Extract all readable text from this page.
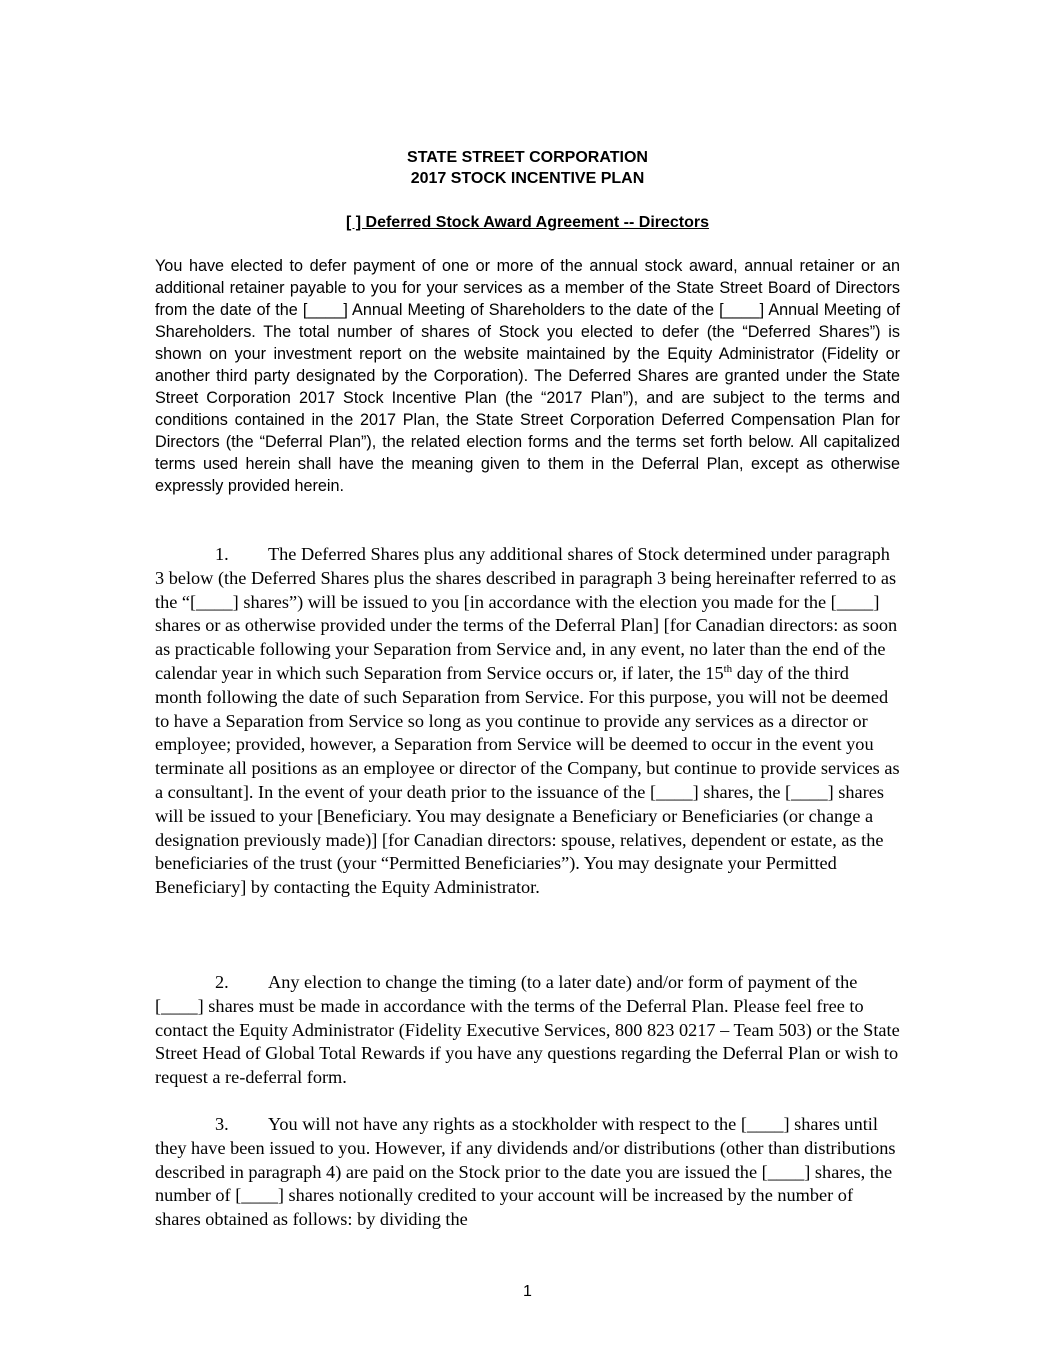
STATE STREET CORPORATION
2017 STOCK INCENTIVE PLAN
[ ] Deferred Stock Award Agreement -- Directors

You have elected to defer payment of one or more of the annual stock award, annual retainer or an additional retainer payable to you for your services as a member of the State Street Board of Directors from the date of the [____] Annual Meeting of Shareholders to the date of the [____] Annual Meeting of Shareholders. The total number of shares of Stock you elected to defer (the “Deferred Shares”) is shown on your investment report on the website maintained by the Equity Administrator (Fidelity or another third party designated by the Corporation). The Deferred Shares are granted under the State Street Corporation 2017 Stock Incentive Plan (the “2017 Plan”), and are subject to the terms and conditions contained in the 2017 Plan, the State Street Corporation Deferred Compensation Plan for Directors (the “Deferral Plan”), the related election forms and the terms set forth below. All capitalized terms used herein shall have the meaning given to them in the Deferral Plan, except as otherwise expressly provided herein.

1. The Deferred Shares plus any additional shares of Stock determined under paragraph 3 below (the Deferred Shares plus the shares described in paragraph 3 being hereinafter referred to as the “[____] shares”) will be issued to you [in accordance with the election you made for the [____] shares or as otherwise provided under the terms of the Deferral Plan] [for Canadian directors: as soon as practicable following your Separation from Service and, in any event, no later than the end of the calendar year in which such Separation from Service occurs or, if later, the 15th day of the third month following the date of such Separation from Service. For this purpose, you will not be deemed to have a Separation from Service so long as you continue to provide any services as a director or employee; provided, however, a Separation from Service will be deemed to occur in the event you terminate all positions as an employee or director of the Company, but continue to provide services as a consultant]. In the event of your death prior to the issuance of the [____] shares, the [____] shares will be issued to your [Beneficiary. You may designate a Beneficiary or Beneficiaries (or change a designation previously made)] [for Canadian directors: spouse, relatives, dependent or estate, as the beneficiaries of the trust (your “Permitted Beneficiaries”). You may designate your Permitted Beneficiary] by contacting the Equity Administrator.

2. Any election to change the timing (to a later date) and/or form of payment of the [____] shares must be made in accordance with the terms of the Deferral Plan. Please feel free to contact the Equity Administrator (Fidelity Executive Services, 800 823 0217 – Team 503) or the State Street Head of Global Total Rewards if you have any questions regarding the Deferral Plan or wish to request a re-deferral form.

3. You will not have any rights as a stockholder with respect to the [____] shares until they have been issued to you. However, if any dividends and/or distributions (other than distributions described in paragraph 4) are paid on the Stock prior to the date you are issued the [____] shares, the number of [____] shares notionally credited to your account will be increased by the number of shares obtained as follows: by dividing the

1
